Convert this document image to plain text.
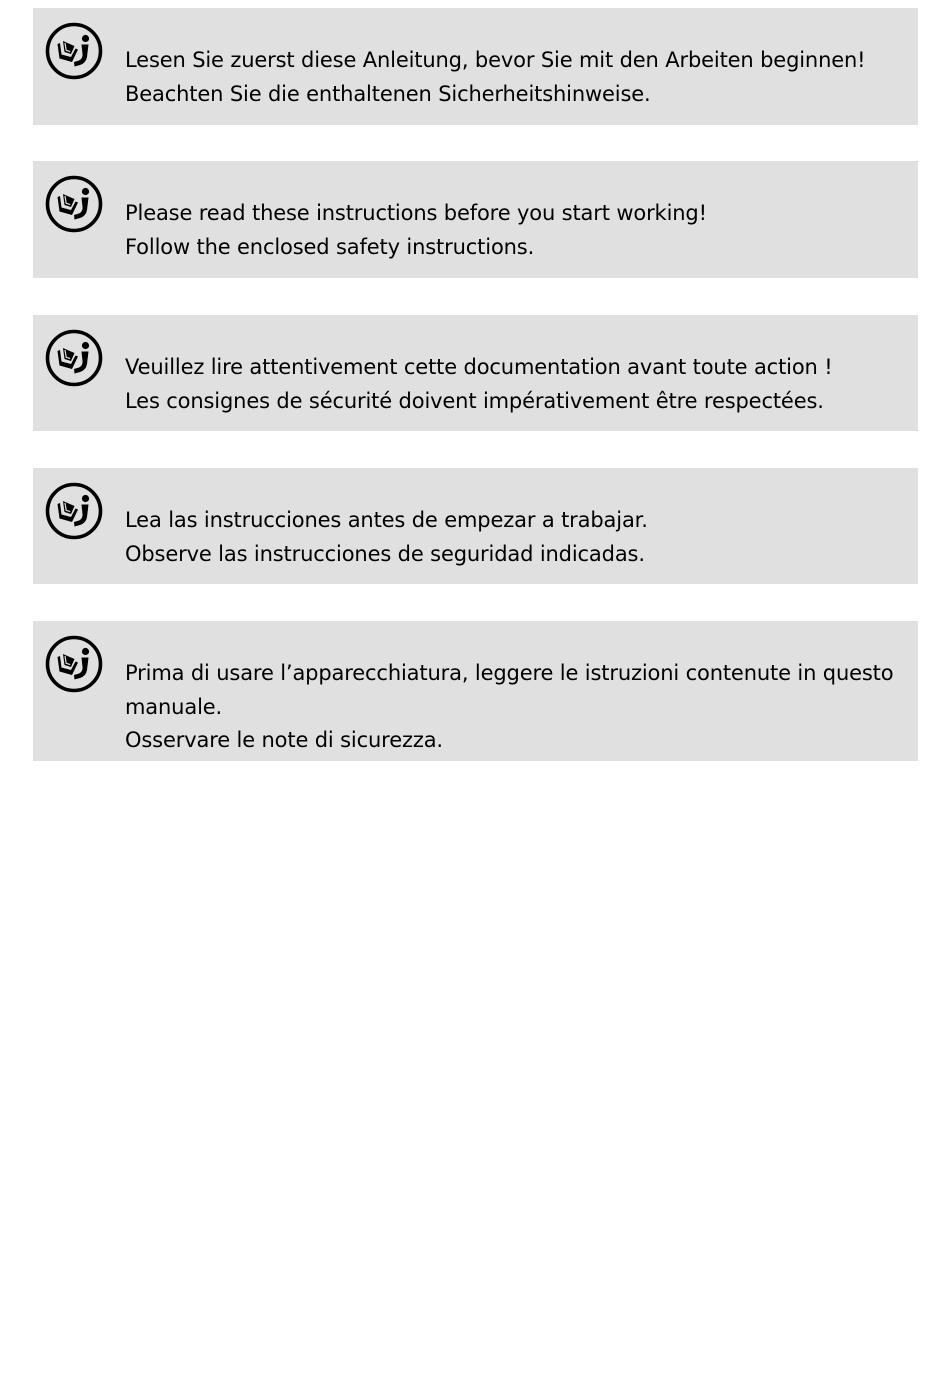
Lesen Sie zuerst diese Anleitung, bevor Sie mit den Arbeiten beginnen!

Beachten Sie die enthaltenen Sicherheitshinweise.

Please read these instructions before you start working!

Follow the enclosed safety instructions.

Veuillez lire attentivement cette documentation avant toute action !

Les consignes de sécurité doivent impérativement être respectées.

Lea las instrucciones antes de empezar a trabajar.

Observe las instrucciones de seguridad indicadas.

Prima di usare l’apparecchiatura, leggere le istruzioni contenute in questo manuale.

Osservare le note di sicurezza.
